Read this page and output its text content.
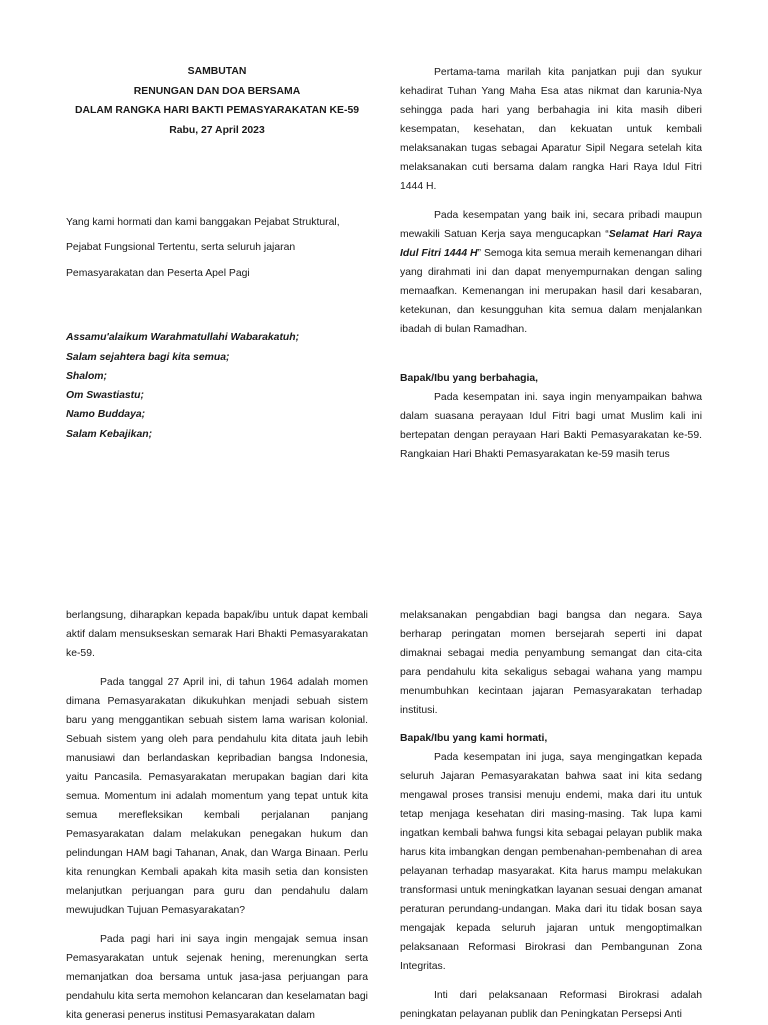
SAMBUTAN

RENUNGAN DAN DOA BERSAMA

DALAM RANGKA HARI BAKTI PEMASYARAKATAN KE-59

Rabu, 27 April 2023

Yang kami hormati dan kami banggakan Pejabat Struktural,

Pejabat Fungsional Tertentu, serta seluruh jajaran

Pemasyarakatan dan Peserta Apel Pagi

Assamu'alaikum Warahmatullahi Wabarakatuh;

Salam sejahtera bagi kita semua;

Shalom;

Om Swastiastu;

Namo Buddaya;

Salam Kebajikan;

Pertama-tama marilah kita panjatkan puji dan syukur kehadirat Tuhan Yang Maha Esa atas nikmat dan karunia-Nya sehingga pada hari yang berbahagia ini kita masih diberi kesempatan, kesehatan, dan kekuatan untuk kembali melaksanakan tugas sebagai Aparatur Sipil Negara setelah kita melaksanakan cuti bersama dalam rangka Hari Raya Idul Fitri 1444 H.

Pada kesempatan yang baik ini, secara pribadi maupun mewakili Satuan Kerja saya mengucapkan “Selamat Hari Raya Idul Fitri 1444 H” Semoga kita semua meraih kemenangan dihari yang dirahmati ini dan dapat menyempurnakan dengan saling memaafkan. Kemenangan ini merupakan hasil dari kesabaran, ketekunan, dan kesungguhan kita semua dalam menjalankan ibadah di bulan Ramadhan.

Bapak/Ibu yang berbahagia,

Pada kesempatan ini. saya ingin menyampaikan bahwa dalam suasana perayaan Idul Fitri bagi umat Muslim kali ini bertepatan dengan perayaan Hari Bakti Pemasyarakatan ke-59. Rangkaian Hari Bhakti Pemasyarakatan ke-59 masih terus

berlangsung, diharapkan kepada bapak/ibu untuk dapat kembali aktif dalam mensukseskan semarak Hari Bhakti Pemasyarakatan ke-59.

Pada tanggal 27 April ini, di tahun 1964 adalah momen dimana Pemasyarakatan dikukuhkan menjadi sebuah sistem baru yang menggantikan sebuah sistem lama warisan kolonial. Sebuah sistem yang oleh para pendahulu kita ditata jauh lebih manusiawi dan berlandaskan kepribadian bangsa Indonesia, yaitu Pancasila. Pemasyarakatan merupakan bagian dari kita semua. Momentum ini adalah momentum yang tepat untuk kita semua merefleksikan kembali perjalanan panjang Pemasyarakatan dalam melakukan penegakan hukum dan pelindungan HAM bagi Tahanan, Anak, dan Warga Binaan. Perlu kita renungkan Kembali apakah kita masih setia dan konsisten melanjutkan perjuangan para guru dan pendahulu dalam mewujudkan Tujuan Pemasyarakatan?

Pada pagi hari ini saya ingin mengajak semua insan Pemasyarakatan untuk sejenak hening, merenungkan serta memanjatkan doa bersama untuk jasa-jasa perjuangan para pendahulu kita serta memohon kelancaran dan keselamatan bagi kita generasi penerus institusi Pemasyarakatan dalam

melaksanakan pengabdian bagi bangsa dan negara. Saya berharap peringatan momen bersejarah seperti ini dapat dimaknai sebagai media penyambung semangat dan cita-cita para pendahulu kita sekaligus sebagai wahana yang mampu menumbuhkan kecintaan jajaran Pemasyarakatan terhadap institusi.

Bapak/Ibu yang kami hormati,

Pada kesempatan ini juga, saya mengingatkan kepada seluruh Jajaran Pemasyarakatan bahwa saat ini kita sedang mengawal proses transisi menuju endemi, maka dari itu untuk tetap menjaga kesehatan diri masing-masing. Tak lupa kami ingatkan kembali bahwa fungsi kita sebagai pelayan publik maka harus kita imbangkan dengan pembenahan-pembenahan di area pelayanan terhadap masyarakat. Kita harus mampu melakukan transformasi untuk meningkatkan layanan sesuai dengan amanat peraturan perundang-undangan. Maka dari itu tidak bosan saya mengajak kepada seluruh jajaran untuk mengoptimalkan pelaksanaan Reformasi Birokrasi dan Pembangunan Zona Integritas.

Inti dari pelaksanaan Reformasi Birokrasi adalah peningkatan pelayanan publik dan Peningkatan Persepsi Anti
